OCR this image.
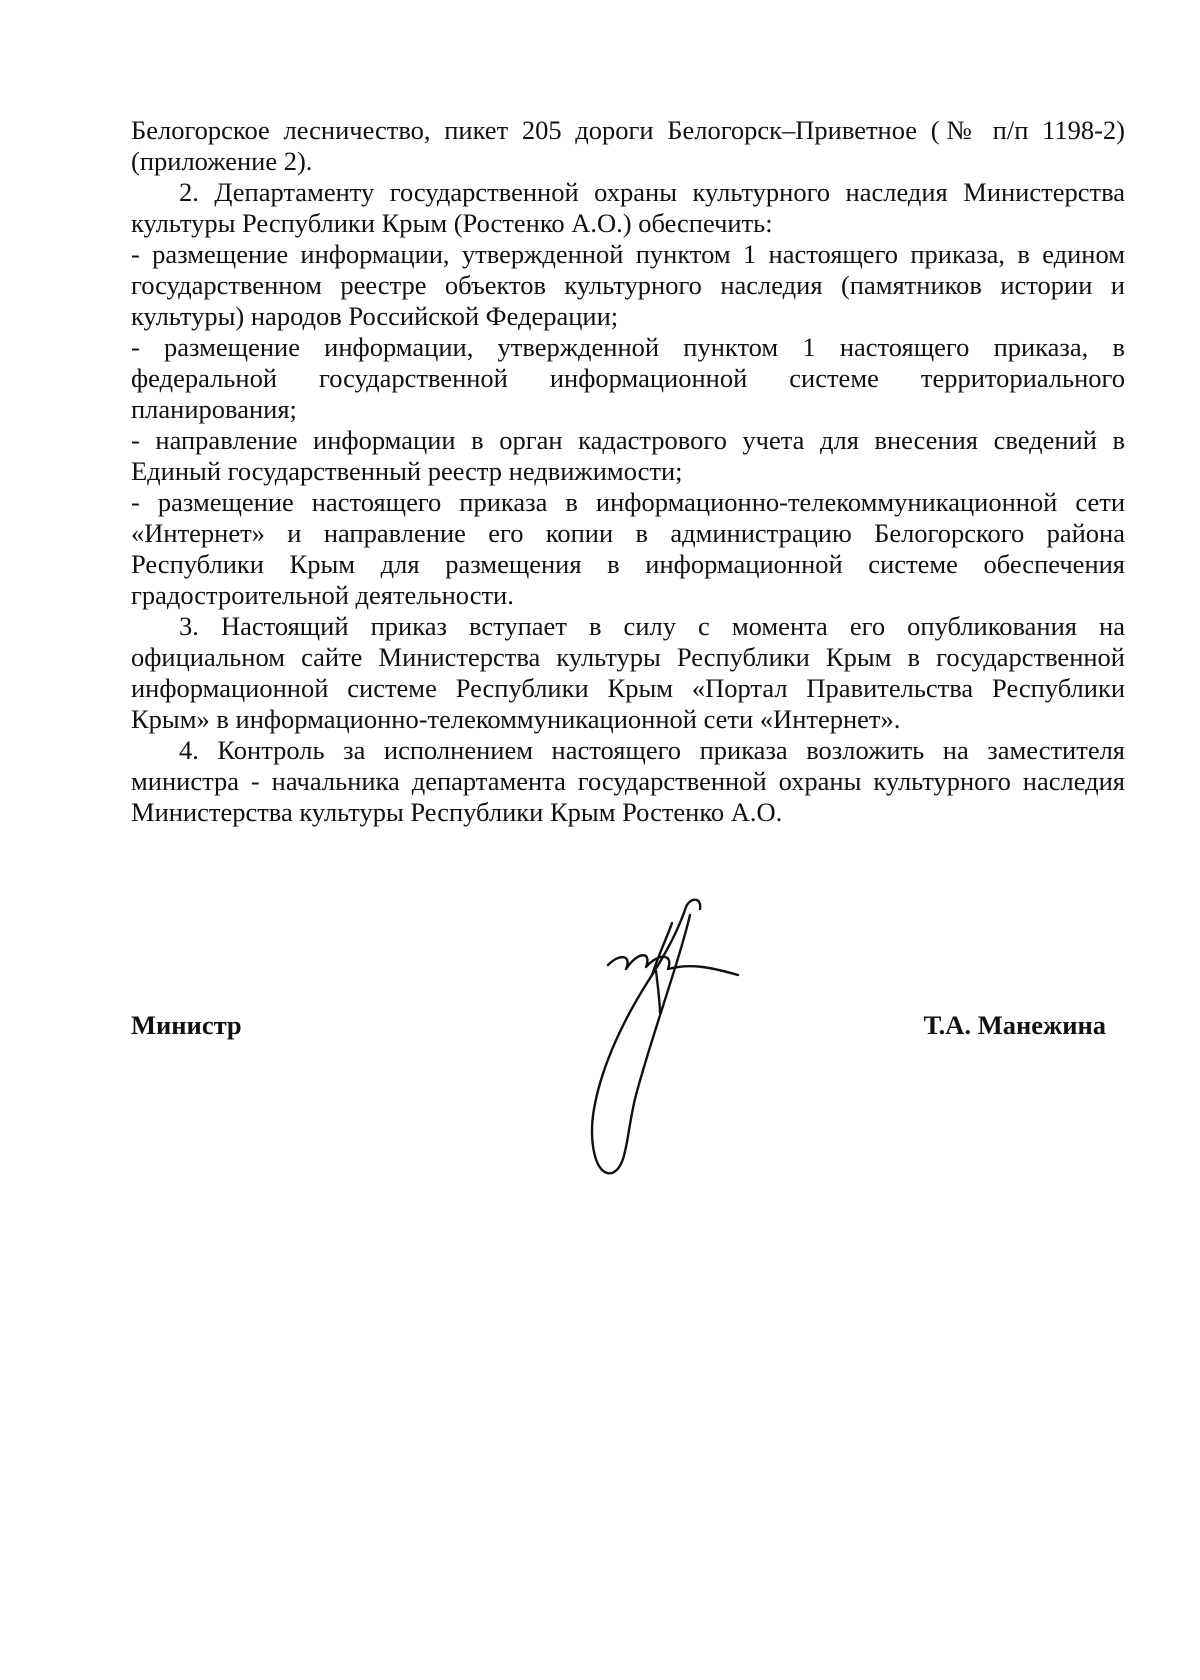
Белогорское лесничество, пикет 205 дороги Белогорск–Приветное (№ п/п 1198-2) (приложение 2).

2. Департаменту государственной охраны культурного наследия Министерства культуры Республики Крым (Ростенко А.О.) обеспечить:

- размещение информации, утвержденной пунктом 1 настоящего приказа, в едином государственном реестре объектов культурного наследия (памятников истории и культуры) народов Российской Федерации;

- размещение информации, утвержденной пунктом 1 настоящего приказа, в федеральной государственной информационной системе территориального планирования;

- направление информации в орган кадастрового учета для внесения сведений в Единый государственный реестр недвижимости;

- размещение настоящего приказа в информационно-телекоммуникационной сети «Интернет» и направление его копии в администрацию Белогорского района Республики Крым для размещения в информационной системе обеспечения градостроительной деятельности.

3. Настоящий приказ вступает в силу с момента его опубликования на официальном сайте Министерства культуры Республики Крым в государственной информационной системе Республики Крым «Портал Правительства Республики Крым» в информационно-телекоммуникационной сети «Интернет».

4. Контроль за исполнением настоящего приказа возложить на заместителя министра - начальника департамента государственной охраны культурного наследия Министерства культуры Республики Крым Ростенко А.О.

Министр	Т.А. Манежина
